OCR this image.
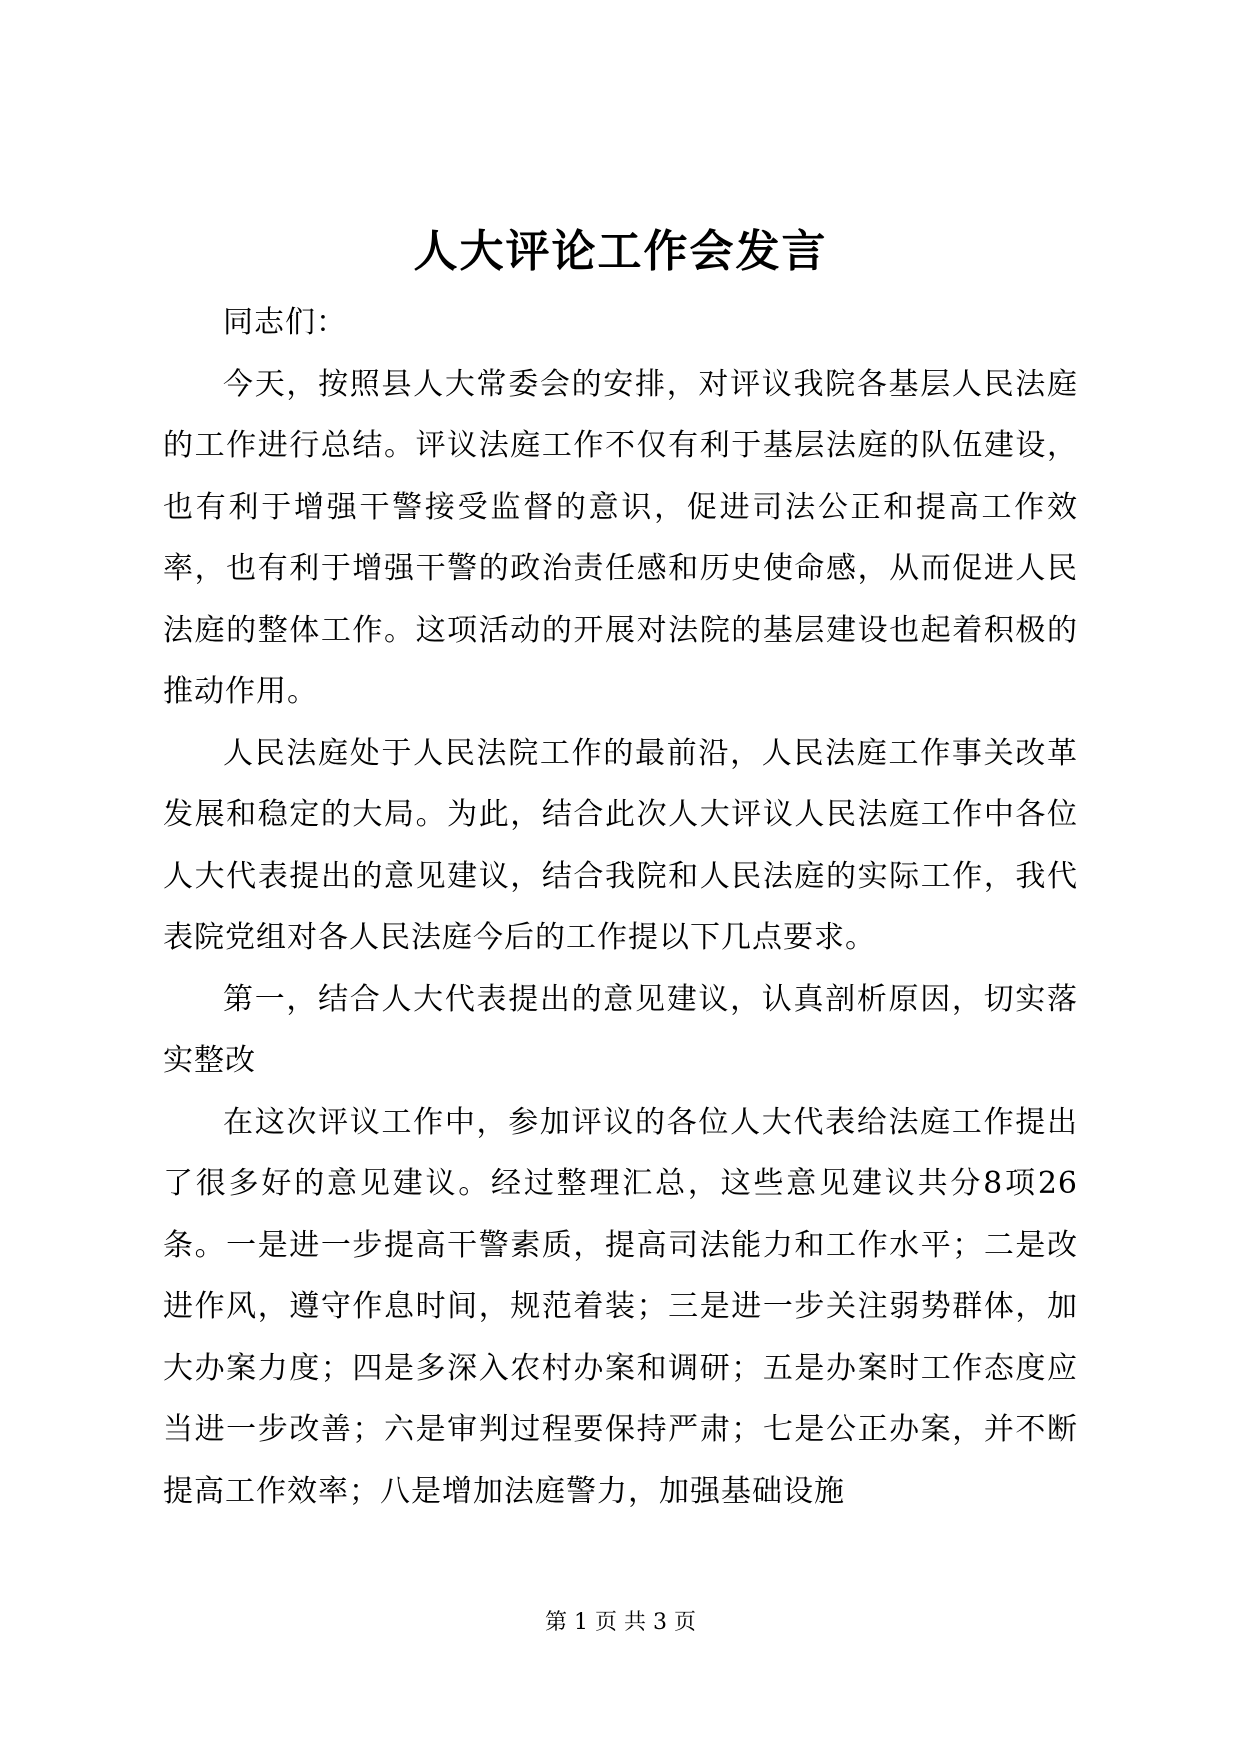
人大评论工作会发言

同志们：

今天，按照县人大常委会的安排，对评议我院各基层人民法庭的工作进行总结。评议法庭工作不仅有利于基层法庭的队伍建设，也有利于增强干警接受监督的意识，促进司法公正和提高工作效率，也有利于增强干警的政治责任感和历史使命感，从而促进人民法庭的整体工作。这项活动的开展对法院的基层建设也起着积极的推动作用。

人民法庭处于人民法院工作的最前沿，人民法庭工作事关改革发展和稳定的大局。为此，结合此次人大评议人民法庭工作中各位人大代表提出的意见建议，结合我院和人民法庭的实际工作，我代表院党组对各人民法庭今后的工作提以下几点要求。

第一，结合人大代表提出的意见建议，认真剖析原因，切实落实整改

在这次评议工作中，参加评议的各位人大代表给法庭工作提出了很多好的意见建议。经过整理汇总，这些意见建议共分8项26条。一是进一步提高干警素质，提高司法能力和工作水平；二是改进作风，遵守作息时间，规范着装；三是进一步关注弱势群体，加大办案力度；四是多深入农村办案和调研；五是办案时工作态度应当进一步改善；六是审判过程要保持严肃；七是公正办案，并不断提高工作效率；八是增加法庭警力，加强基础设施

第 1 页 共 3 页
